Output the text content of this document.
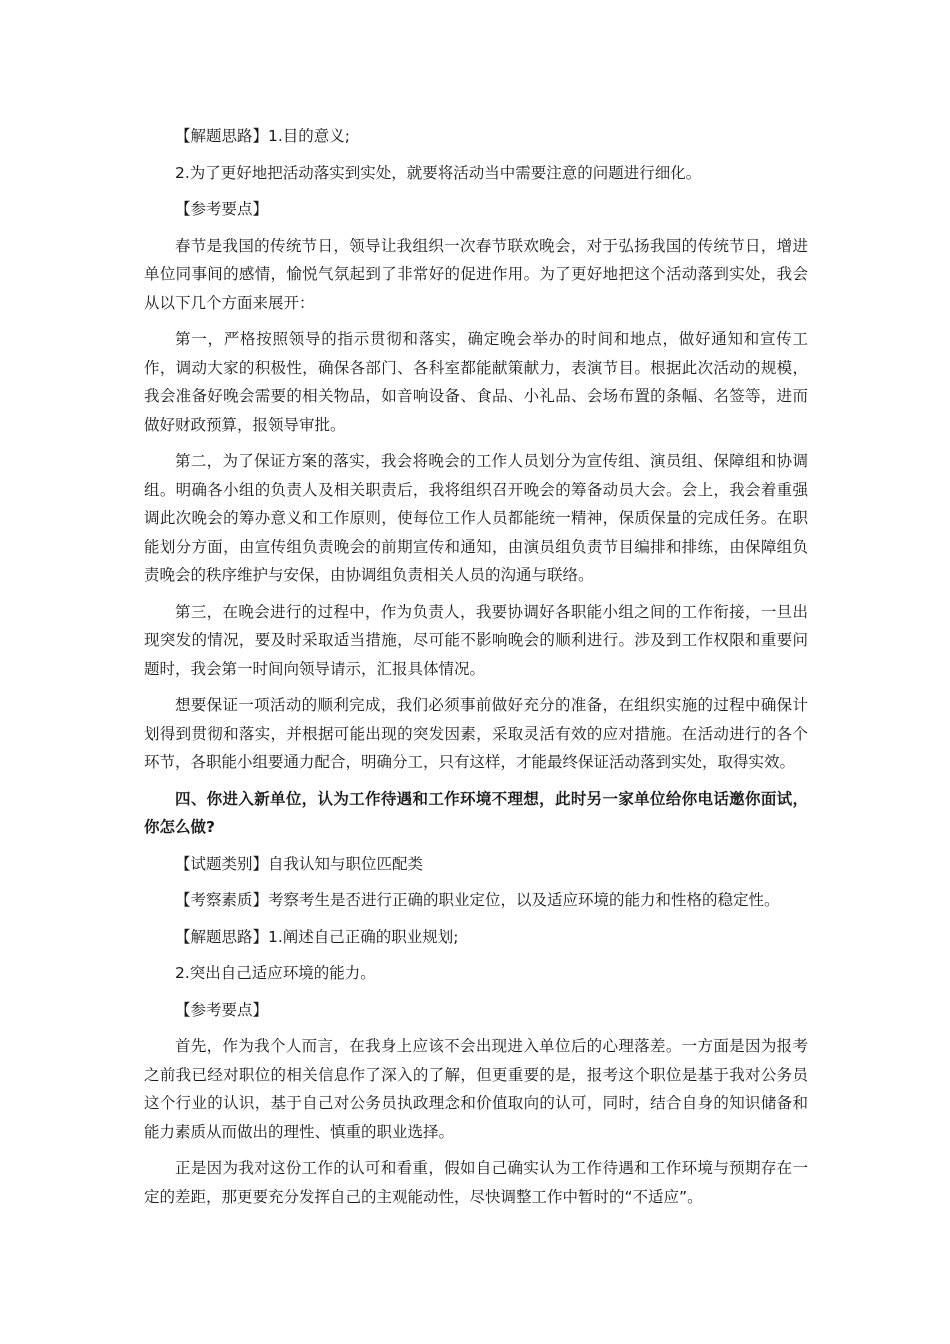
【解题思路】1.目的意义;

2.为了更好地把活动落实到实处，就要将活动当中需要注意的问题进行细化。

【参考要点】

春节是我国的传统节日，领导让我组织一次春节联欢晚会，对于弘扬我国的传统节日，增进单位同事间的感情，愉悦气氛起到了非常好的促进作用。为了更好地把这个活动落到实处，我会从以下几个方面来展开：

第一，严格按照领导的指示贯彻和落实，确定晚会举办的时间和地点，做好通知和宣传工作，调动大家的积极性，确保各部门、各科室都能献策献力，表演节目。根据此次活动的规模，我会准备好晚会需要的相关物品，如音响设备、食品、小礼品、会场布置的条幅、名签等，进而做好财政预算，报领导审批。

第二，为了保证方案的落实，我会将晚会的工作人员划分为宣传组、演员组、保障组和协调组。明确各小组的负责人及相关职责后，我将组织召开晚会的筹备动员大会。会上，我会着重强调此次晚会的筹办意义和工作原则，使每位工作人员都能统一精神，保质保量的完成任务。在职能划分方面，由宣传组负责晚会的前期宣传和通知，由演员组负责节目编排和排练，由保障组负责晚会的秩序维护与安保，由协调组负责相关人员的沟通与联络。

第三，在晚会进行的过程中，作为负责人，我要协调好各职能小组之间的工作衔接，一旦出现突发的情况，要及时采取适当措施，尽可能不影响晚会的顺利进行。涉及到工作权限和重要问题时，我会第一时间向领导请示，汇报具体情况。

想要保证一项活动的顺利完成，我们必须事前做好充分的准备，在组织实施的过程中确保计划得到贯彻和落实，并根据可能出现的突发因素，采取灵活有效的应对措施。在活动进行的各个环节，各职能小组要通力配合，明确分工，只有这样，才能最终保证活动落到实处，取得实效。

四、你进入新单位，认为工作待遇和工作环境不理想，此时另一家单位给你电话邀你面试，你怎么做?

【试题类别】自我认知与职位匹配类

【考察素质】考察考生是否进行正确的职业定位，以及适应环境的能力和性格的稳定性。

【解题思路】1.阐述自己正确的职业规划;

2.突出自己适应环境的能力。

【参考要点】

首先，作为我个人而言，在我身上应该不会出现进入单位后的心理落差。一方面是因为报考之前我已经对职位的相关信息作了深入的了解，但更重要的是，报考这个职位是基于我对公务员这个行业的认识，基于自己对公务员执政理念和价值取向的认可，同时，结合自身的知识储备和能力素质从而做出的理性、慎重的职业选择。

正是因为我对这份工作的认可和看重，假如自己确实认为工作待遇和工作环境与预期存在一定的差距，那更要充分发挥自己的主观能动性，尽快调整工作中暂时的“不适应”。
